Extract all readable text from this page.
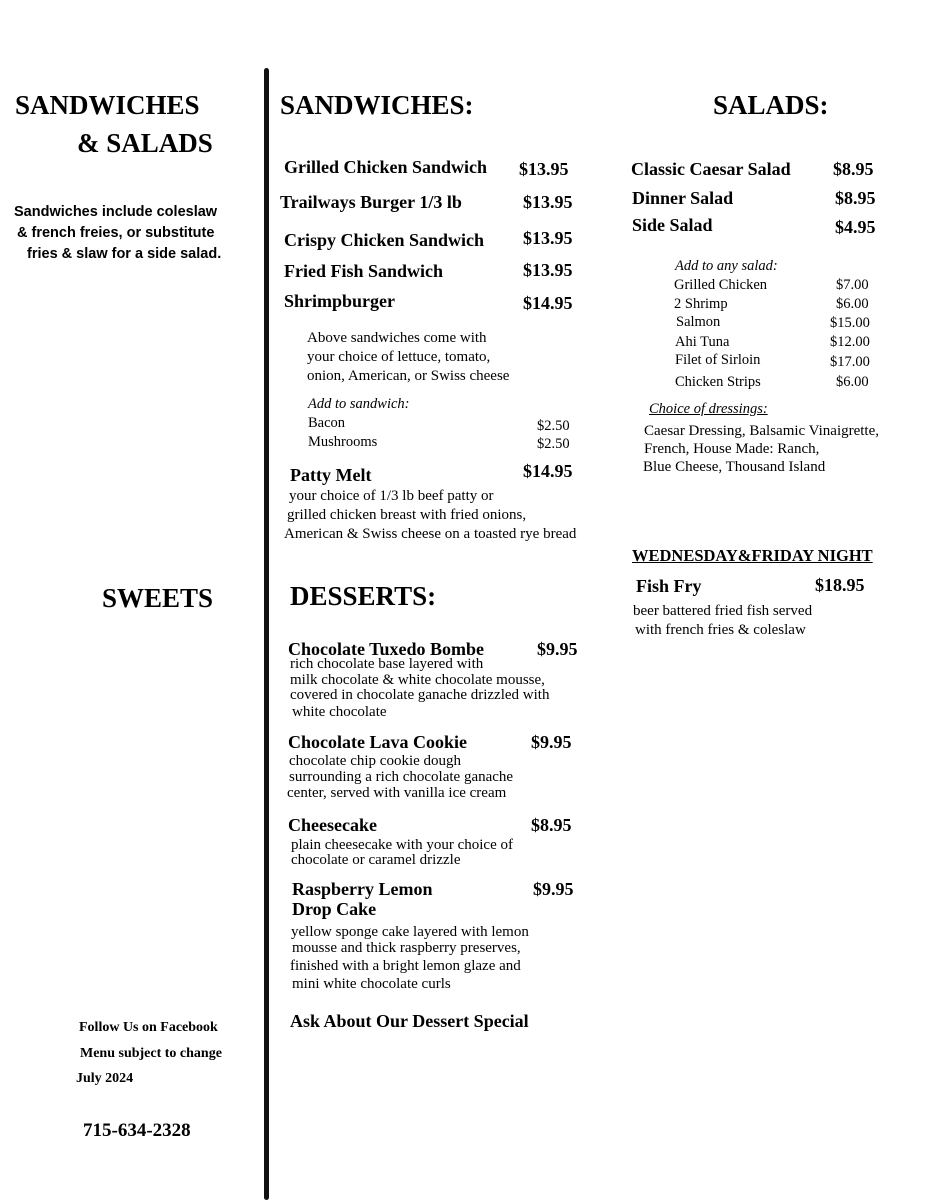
SANDWICHES
& SALADS
Sandwiches include coleslaw
& french freies, or substitute
fries & slaw for a side salad.
SWEETS
Follow Us on Facebook
Menu subject to change
July 2024
715-634-2328
SANDWICHES:
Grilled Chicken Sandwich $13.95
Trailways Burger 1/3 lb	$13.95
Crispy Chicken Sandwich $13.95
Fried Fish Sandwich	$13.95
Shrimpburger	$14.95
Above sandwiches come with
your choice of lettuce, tomato,
onion, American, or Swiss cheese
Add to sandwich:
Bacon	$2.50
Mushrooms	$2.50
Patty Melt	$14.95
your choice of 1/3 lb beef patty or
grilled chicken breast with fried onions,
American & Swiss cheese on a toasted rye bread
DESSERTS:
Chocolate Tuxedo Bombe	$9.95
rich chocolate base layered with
milk chocolate & white chocolate mousse,
covered in chocolate ganache drizzled with
white chocolate
Chocolate Lava Cookie	$9.95
chocolate chip cookie dough
surrounding a rich chocolate ganache
center, served with vanilla ice cream
Cheesecake	$8.95
plain cheesecake with your choice of
chocolate or caramel drizzle
Raspberry Lemon
Drop Cake
$9.95
yellow sponge cake layered with lemon
mousse and thick raspberry preserves,
finished with a bright lemon glaze and
mini white chocolate curls
Ask About Our Dessert Special
SALADS:
Classic Caesar Salad $8.95
Dinner Salad	$8.95
Side Salad	$4.95
Add to any salad:
Grilled Chicken	$7.00
2 Shrimp	$6.00
Salmon	$15.00
Ahi Tuna	$12.00
Filet of Sirloin	$17.00
Chicken Strips	$6.00
Choice of dressings:
Caesar Dressing, Balsamic Vinaigrette,
French, House Made: Ranch,
Blue Cheese, Thousand Island
WEDNESDAY&FRIDAY NIGHT
Fish Fry	$18.95
beer battered fried fish served
with french fries & coleslaw
